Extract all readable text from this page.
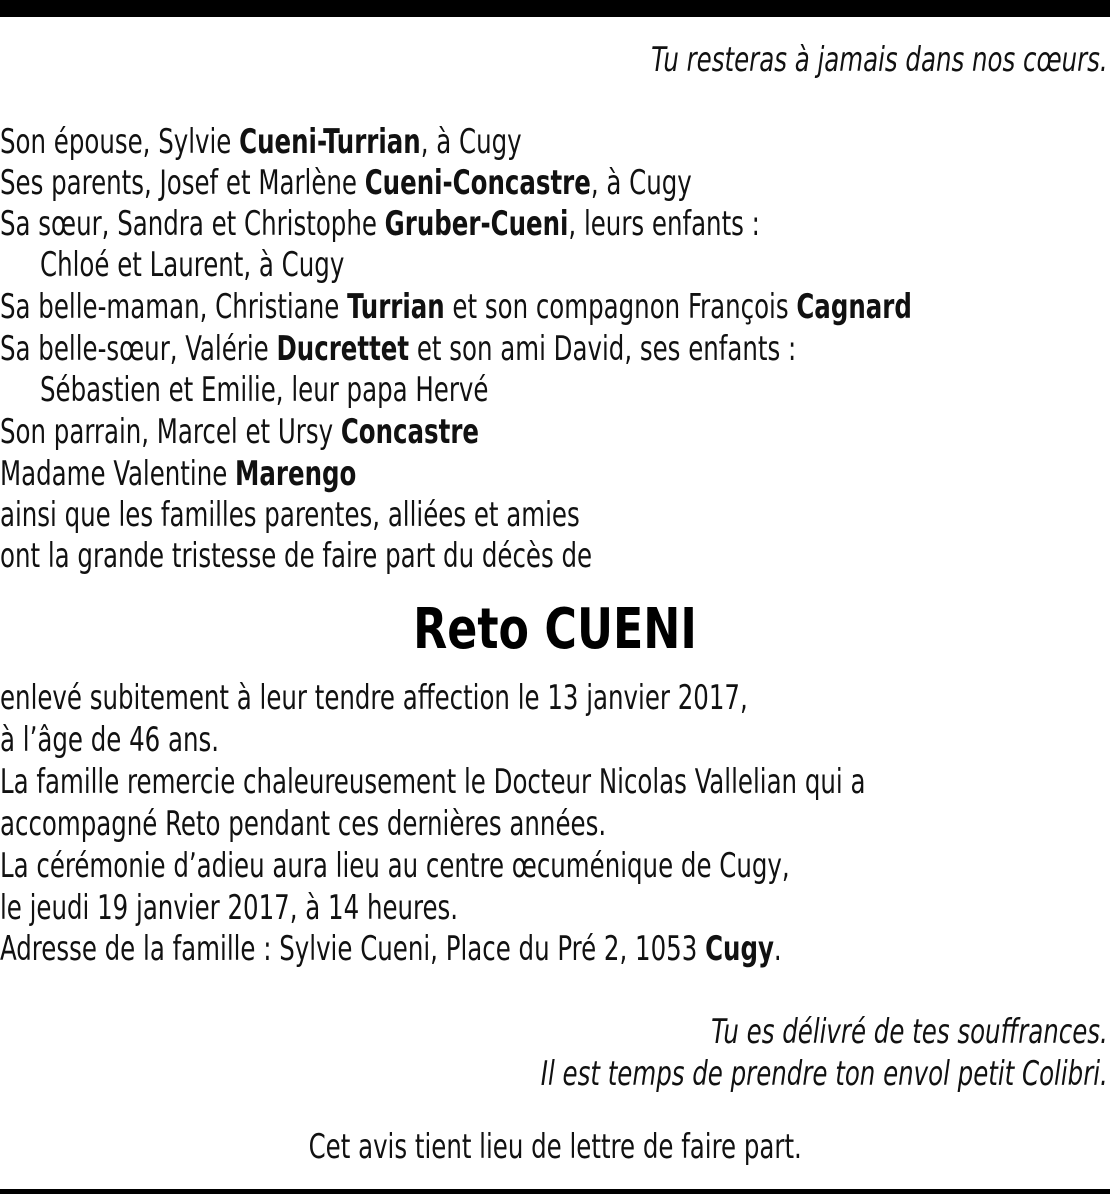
Tu resteras à jamais dans nos cœurs.
Son épouse, Sylvie Cueni-Turrian, à Cugy
Ses parents, Josef et Marlène Cueni-Concastre, à Cugy
Sa sœur, Sandra et Christophe Gruber-Cueni, leurs enfants :
Chloé et Laurent, à Cugy
Sa belle-maman, Christiane Turrian et son compagnon François Cagnard
Sa belle-sœur, Valérie Ducrettet et son ami David, ses enfants :
Sébastien et Emilie, leur papa Hervé
Son parrain, Marcel et Ursy Concastre
Madame Valentine Marengo
ainsi que les familles parentes, alliées et amies
ont la grande tristesse de faire part du décès de
Reto CUENI
enlevé subitement à leur tendre affection le 13 janvier 2017,
à l’âge de 46 ans.
La famille remercie chaleureusement le Docteur Nicolas Vallelian qui a
accompagné Reto pendant ces dernières années.
La cérémonie d’adieu aura lieu au centre œcuménique de Cugy,
le jeudi 19 janvier 2017, à 14 heures.
Adresse de la famille : Sylvie Cueni, Place du Pré 2, 1053 Cugy.
Tu es délivré de tes souffrances.
Il est temps de prendre ton envol petit Colibri.
Cet avis tient lieu de lettre de faire part.
